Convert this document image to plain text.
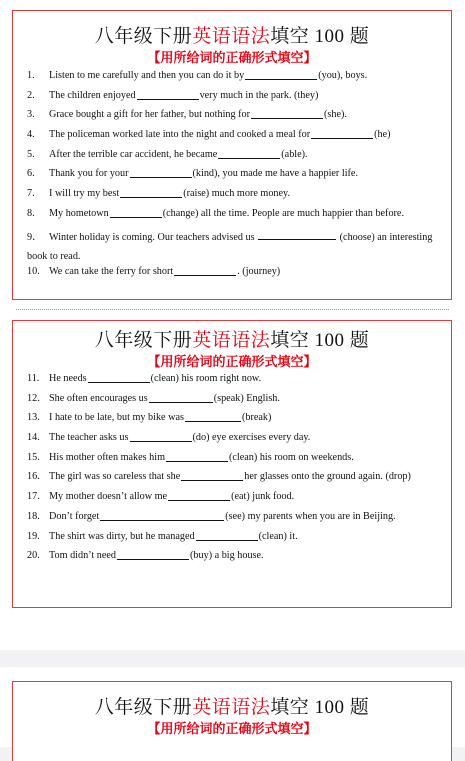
八年级下册英语语法填空 100 题
【用所给词的正确形式填空】
1.	Listen to me carefully and then you can do it by	(you), boys.
2.	The children enjoyed	very much in the park. (they)
3.	Grace bought a gift for her father, but nothing for	(she).
4.	The policeman worked late into the night and cooked a meal for	(he)
5.	After the terrible car accident, he became	(able).
6.	Thank you for your	(kind), you made me have a happier life.
7.	I will try my best	(raise) much more money.
8.	My hometown	(change) all the time. People are much happier than before.
9． Winter holiday is coming. Our teachers advised us	(choose) an interesting book to read.
10. We can take the ferry for short	. (journey)
八年级下册英语语法填空 100 题
【用所给词的正确形式填空】
11. He needs	(clean) his room right now.
12. She often encourages us	(speak) English.
13. I hate to be late, but my bike was	(break)
14. The teacher asks us	(do) eye exercises every day.
15. His mother often makes him	(clean) his room on weekends.
16. The girl was so careless that she	her glasses onto the ground again. (drop)
17. My mother doesn’t allow me	(eat) junk food.
18. Don’t forget	(see) my parents when you are in Beijing.
19. The shirt was dirty, but he managed	(clean) it.
20. Tom didn’t need	(buy) a big house.
八年级下册英语语法填空 100 题
【用所给词的正确形式填空】
